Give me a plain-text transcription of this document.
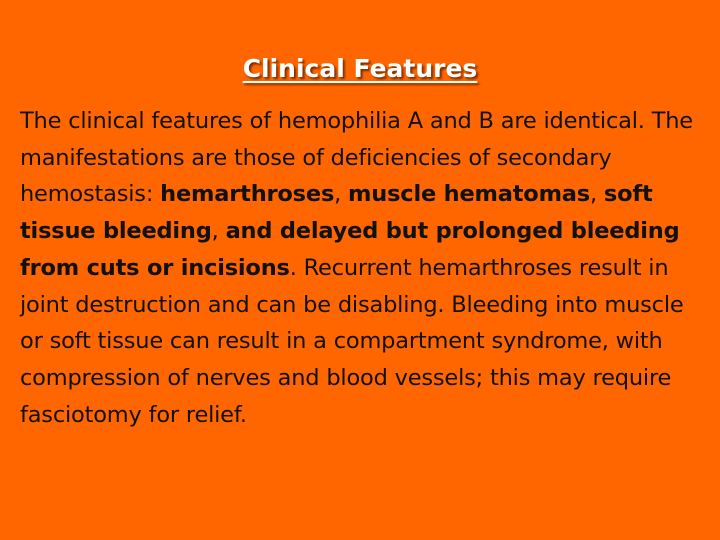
Clinical Features
The clinical features of hemophilia A and B are identical. The manifestations are those of deficiencies of secondary hemostasis: hemarthroses, muscle hematomas, soft tissue bleeding, and delayed but prolonged bleeding from cuts or incisions. Recurrent hemarthroses result in joint destruction and can be disabling. Bleeding into muscle or soft tissue can result in a compartment syndrome, with compression of nerves and blood vessels; this may require fasciotomy for relief.
